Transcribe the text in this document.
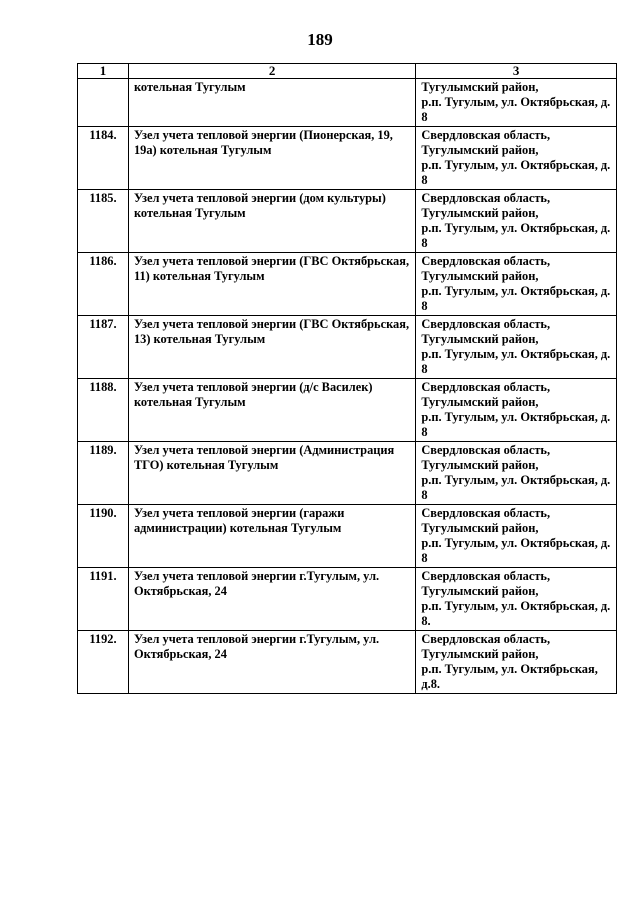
189
1	2	3
	котельная Тугулым	Тугулымский район,
р.п. Тугулым, ул. Октябрьская, д.
8

1184.	Узел учета тепловой энергии (Пионерская, 19, 19а) котельная Тугулым	Свердловская область,
Тугулымский район,
р.п. Тугулым, ул. Октябрьская, д.
8

1185.	Узел учета тепловой энергии (дом культуры) котельная Тугулым	Свердловская область,
Тугулымский район,
р.п. Тугулым, ул. Октябрьская, д.
8

1186.	Узел учета тепловой энергии (ГВС Октябрьская, 11) котельная Тугулым	Свердловская область,
Тугулымский район,
р.п. Тугулым, ул. Октябрьская, д.
8

1187.	Узел учета тепловой энергии (ГВС Октябрьская, 13) котельная Тугулым	Свердловская область,
Тугулымский район,
р.п. Тугулым, ул. Октябрьская, д.
8

1188.	Узел учета тепловой энергии (д/с Василек) котельная Тугулым	Свердловская область,
Тугулымский район,
р.п. Тугулым, ул. Октябрьская, д.
8

1189.	Узел учета тепловой энергии (Администрация ТГО) котельная Тугулым	Свердловская область,
Тугулымский район,
р.п. Тугулым, ул. Октябрьская, д.
8

1190.	Узел учета тепловой энергии (гаражи администрации) котельная Тугулым	Свердловская область,
Тугулымский район,
р.п. Тугулым, ул. Октябрьская, д.
8

1191.	Узел учета тепловой энергии г.Тугулым, ул. Октябрьская, 24	Свердловская область,
Тугулымский район,
р.п. Тугулым, ул. Октябрьская, д.
8.

1192.	Узел учета тепловой энергии г.Тугулым, ул. Октябрьская, 24	Свердловская область,
Тугулымский район,
р.п. Тугулым, ул. Октябрьская,
д.8.
